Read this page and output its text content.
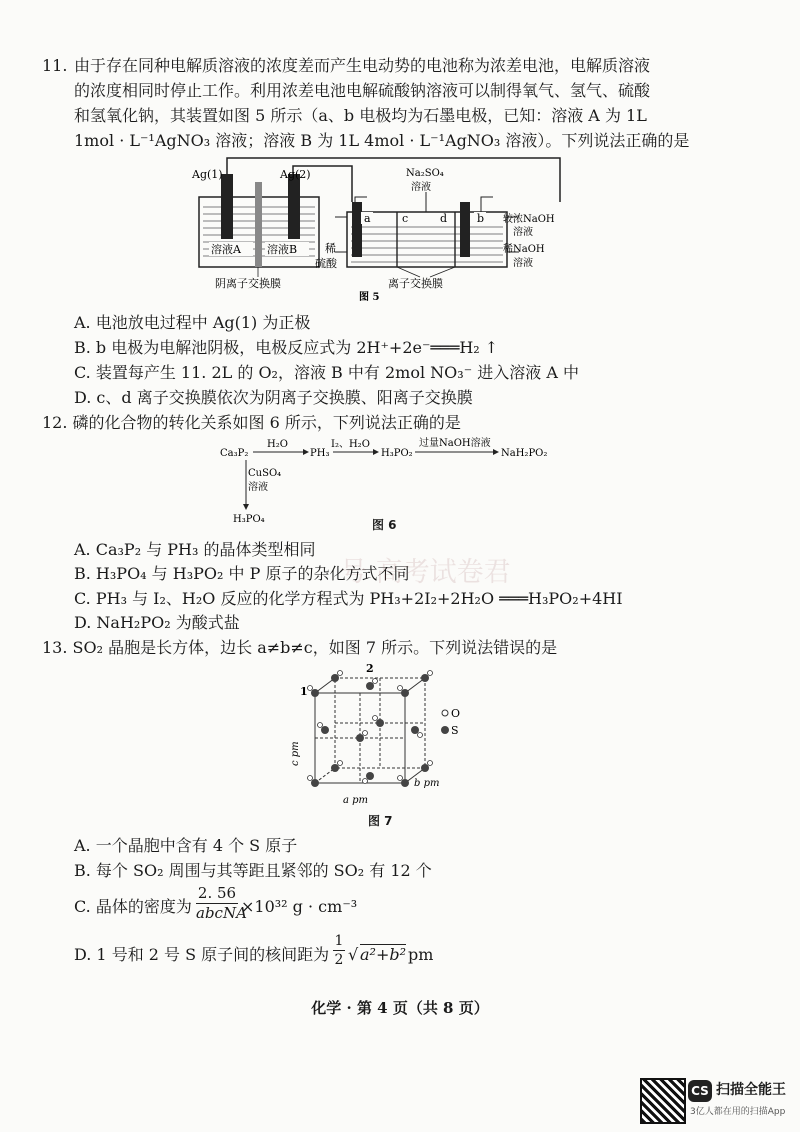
11. 由于存在同种电解质溶液的浓度差而产生电动势的电池称为浓差电池，电解质溶液
的浓度相同时停止工作。利用浓差电池电解硫酸钠溶液可以制得氧气、氢气、硫酸
和氢氧化钠，其装置如图 5 所示（a、b 电极均为石墨电极，已知：溶液 A 为 1L
1mol · L⁻¹AgNO₃ 溶液；溶液 B 为 1L 4mol · L⁻¹AgNO₃ 溶液）。下列说法正确的是
Ag(1)	Ag(2)
溶液A 溶液B
阴离子交换膜
a	b
c	d
Na₂SO₄
溶液
稀
硫酸
较浓NaOH
溶液
稀NaOH
溶液
离子交换膜
图 5
A. 电池放电过程中 Ag(1) 为正极
B. b 电极为电解池阴极，电极反应式为 2H⁺+2e⁻═══H₂ ↑
C. 装置每产生 11. 2L 的 O₂，溶液 B 中有 2mol NO₃⁻ 进入溶液 A 中
D. c、d 离子交换膜依次为阴离子交换膜、阳离子交换膜
12. 磷的化合物的转化关系如图 6 所示，下列说法正确的是
Ca₃P₂
H₂O
PH₃
I₂、H₂O
H₃PO₂
过量NaOH溶液
NaH₂PO₂
CuSO₄
溶液
H₃PO₄	图 6
A. Ca₃P₂ 与 PH₃ 的晶体类型相同
B. H₃PO₄ 与 H₃PO₂ 中 P 原子的杂化方式不同
C. PH₃ 与 I₂、H₂O 反应的化学方程式为 PH₃+2I₂+2H₂O ═══H₃PO₂+4HI
D. NaH₂PO₂ 为酸式盐
号 高考试卷君
13. SO₂ 晶胞是长方体，边长 a≠b≠c，如图 7 所示。下列说法错误的是
1
2
O
S
c pm
b pm
a pm
图 7
A. 一个晶胞中含有 4 个 S 原子
B. 每个 SO₂ 周围与其等距且紧邻的 SO₂ 有 12 个
C. 晶体的密度为
2. 56
abcNA
×10³² g · cm⁻³
D. 1 号和 2 号 S 原子间的核间距为 $\frac{1}{2}$ √ a²+b² pm
化学 · 第 4 页（共 8 页）
CS 扫描全能王
3亿人都在用的扫描App
